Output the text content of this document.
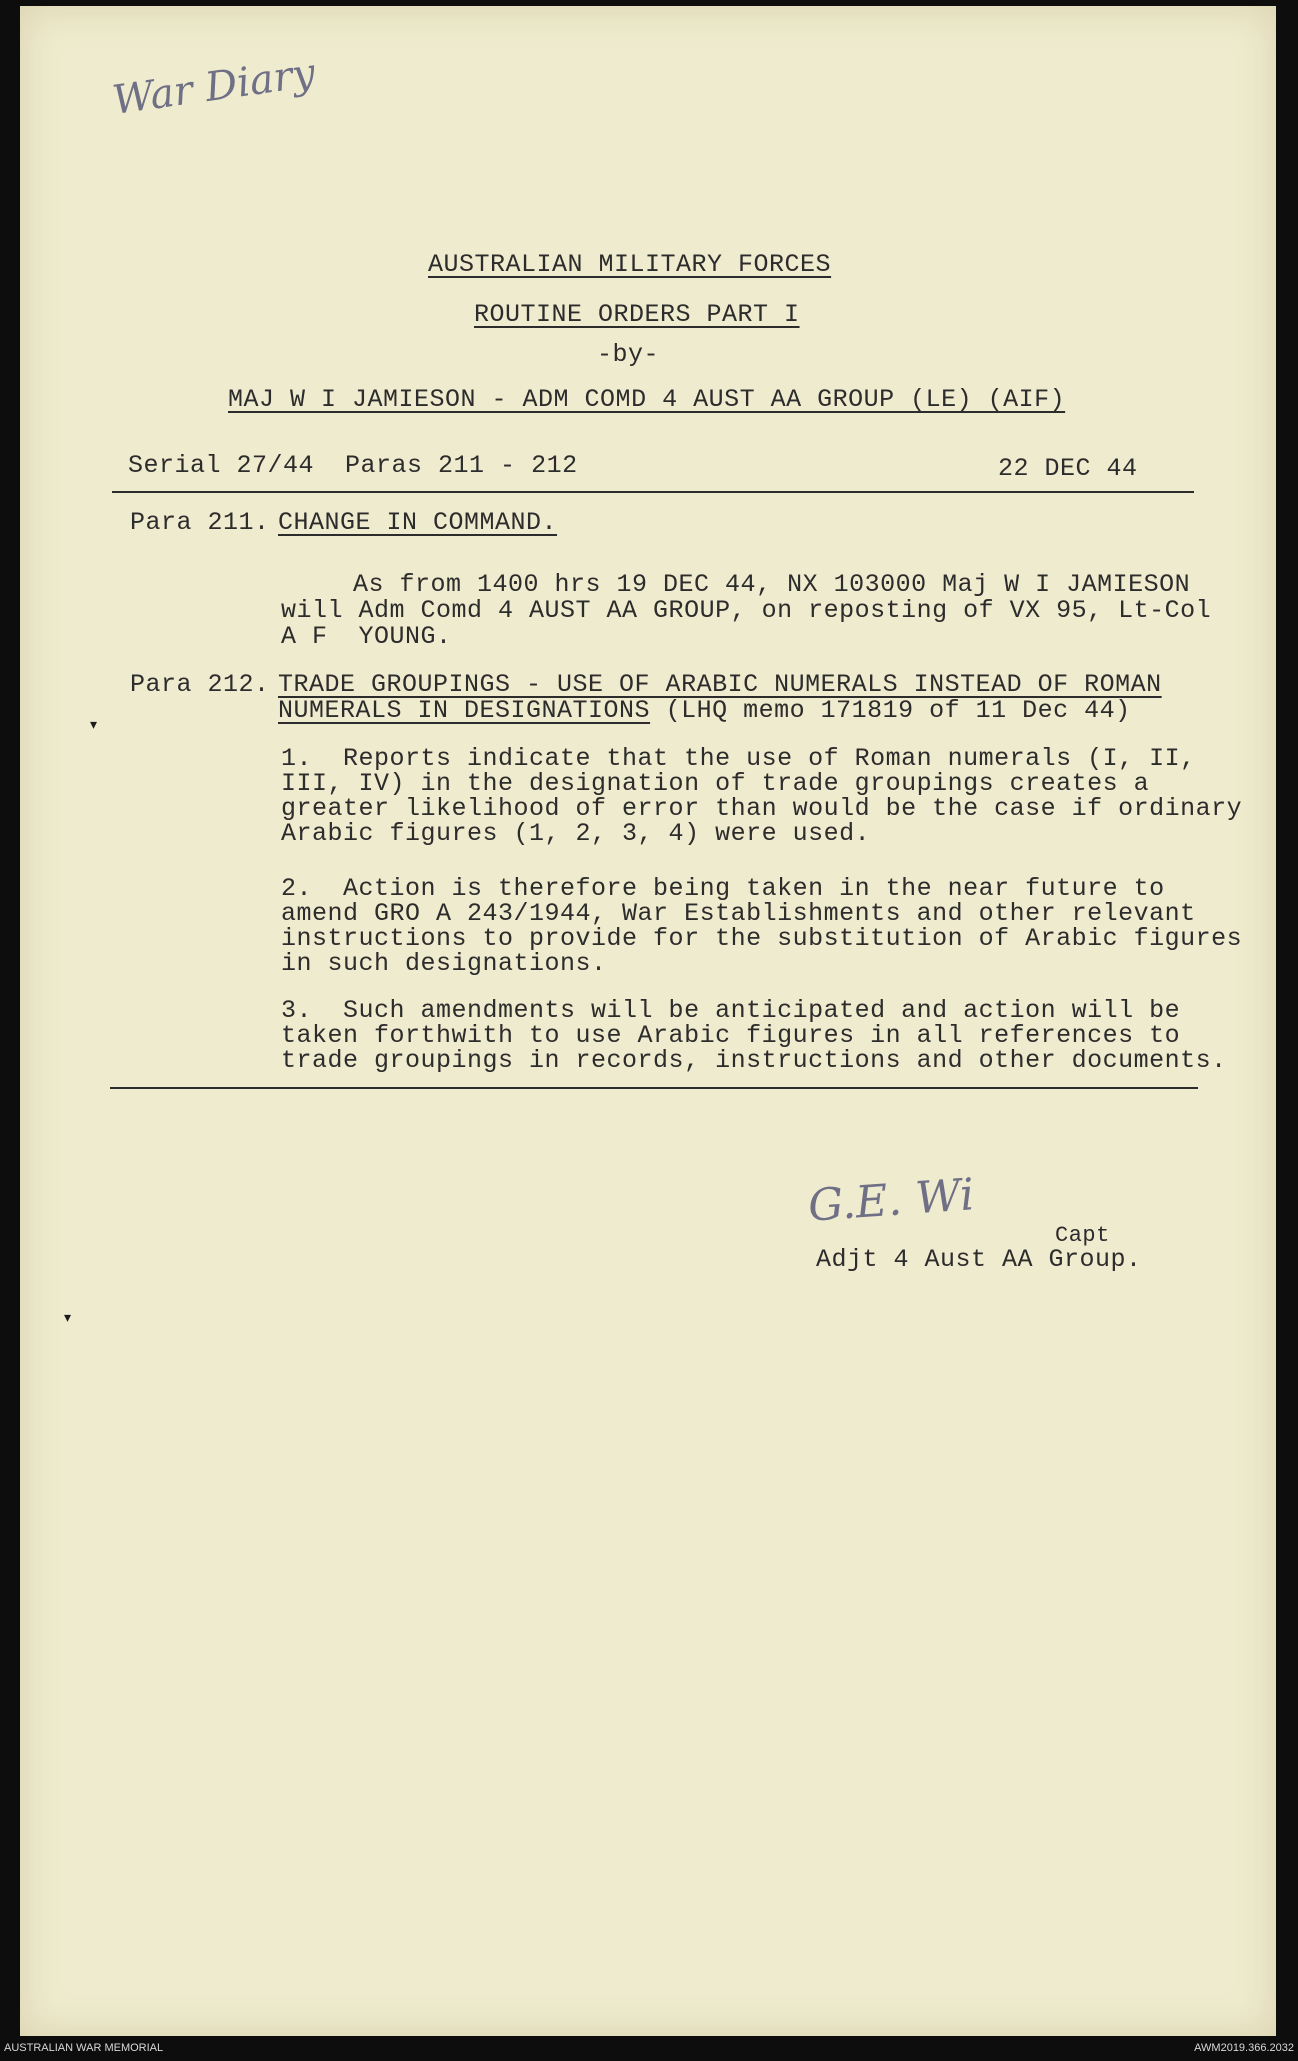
War Diary
AUSTRALIAN MILITARY FORCES
ROUTINE ORDERS PART I
-by-
MAJ W I JAMIESON - ADM COMD 4 AUST AA GROUP (LE) (AIF)
Serial 27/44  Paras 211 - 212	22 DEC 44
Para 211. CHANGE IN COMMAND.
As from 1400 hrs 19 DEC 44, NX 103000 Maj W I JAMIESON
will Adm Comd 4 AUST AA GROUP, on reposting of VX 95, Lt-Col
A F  YOUNG.
Para 212. TRADE GROUPINGS - USE OF ARABIC NUMERALS INSTEAD OF ROMAN
NUMERALS IN DESIGNATIONS (LHQ memo 171819 of 11 Dec 44)
1.  Reports indicate that the use of Roman numerals (I, II,
III, IV) in the designation of trade groupings creates a
greater likelihood of error than would be the case if ordinary
Arabic figures (1, 2, 3, 4) were used.
2.  Action is therefore being taken in the near future to
amend GRO A 243/1944, War Establishments and other relevant
instructions to provide for the substitution of Arabic figures
in such designations.
3.  Such amendments will be anticipated and action will be
taken forthwith to use Arabic figures in all references to
trade groupings in records, instructions and other documents.
G.E. Wi
Capt
Adjt 4 Aust AA Group.
▾
▾
AUSTRALIAN WAR MEMORIAL	AWM2019.366.2032
